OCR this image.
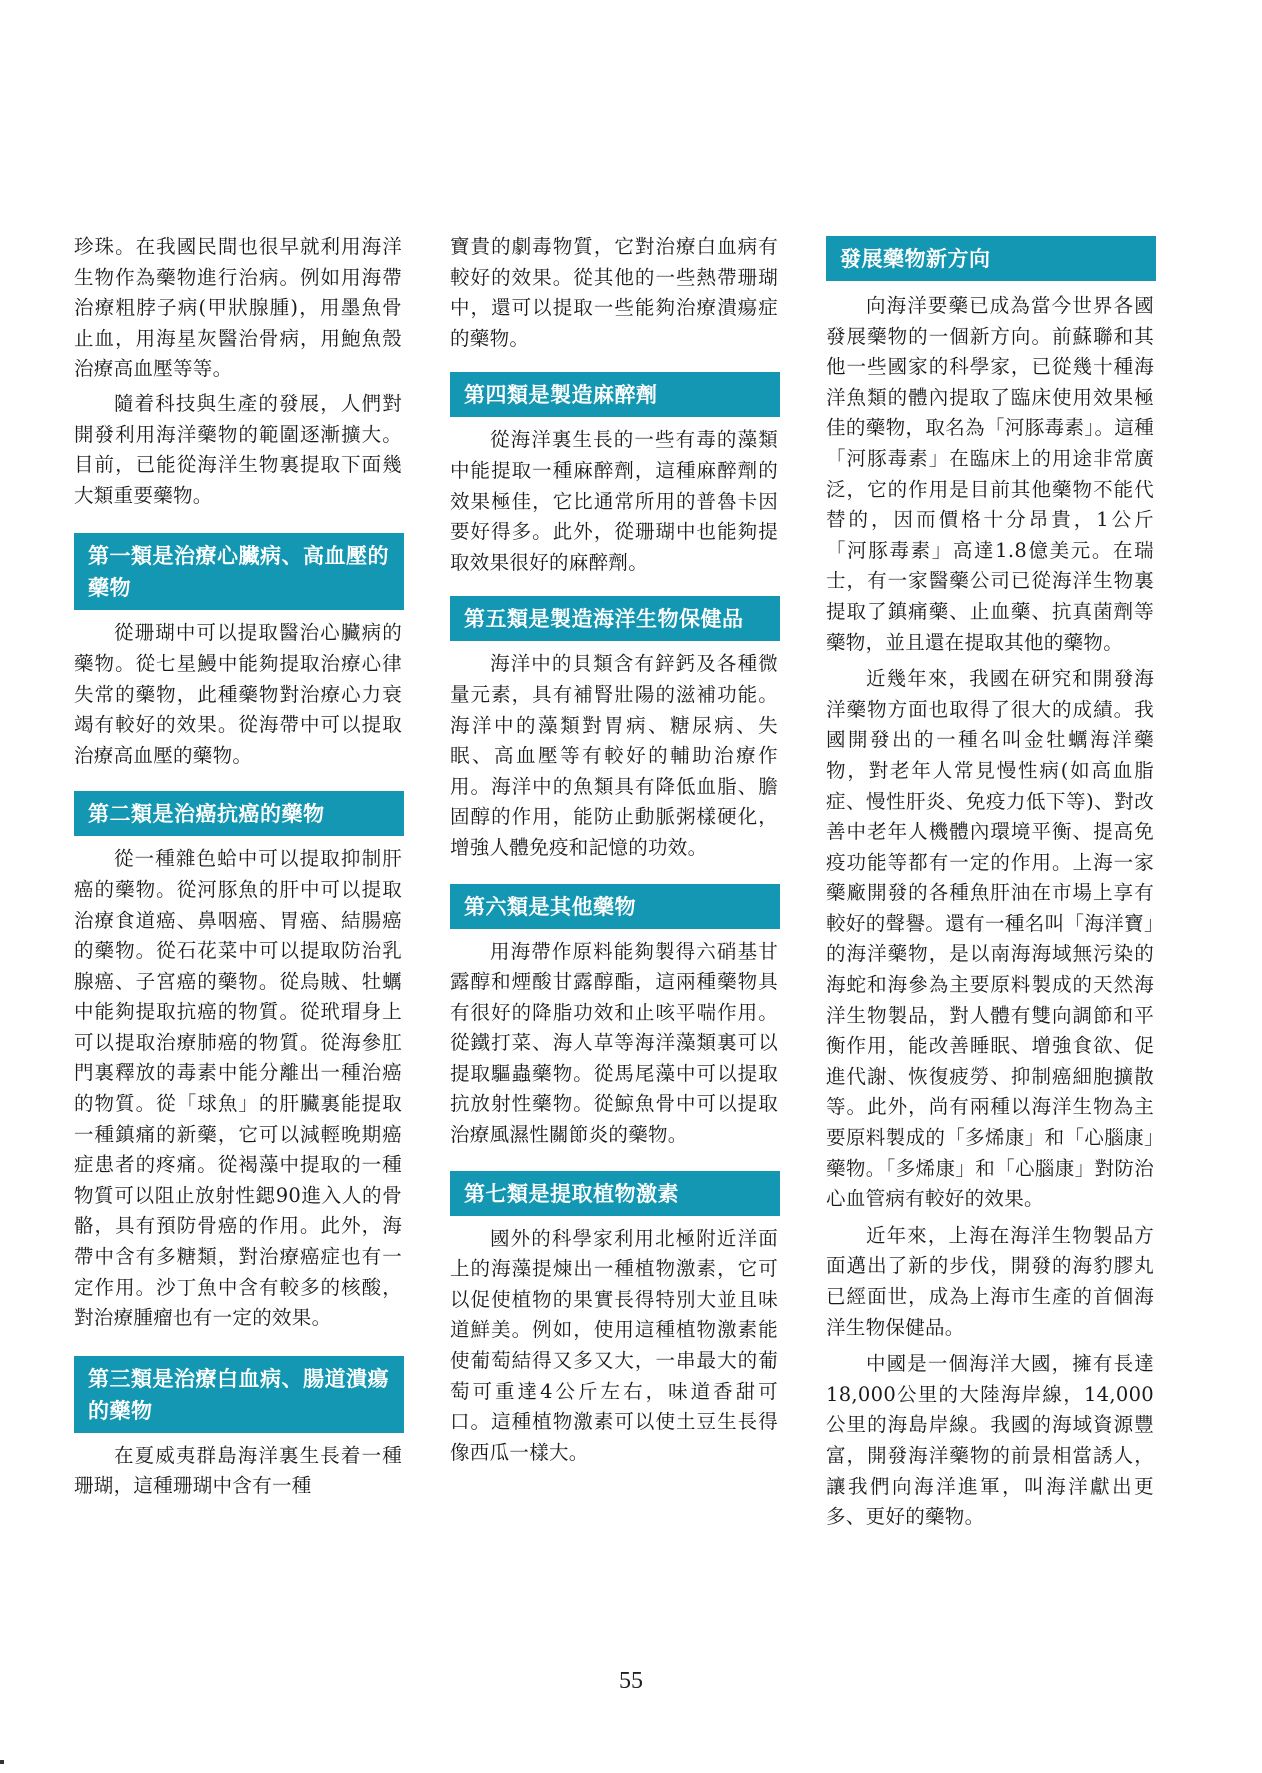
珍珠。在我國民間也很早就利用海洋生物作為藥物進行治病。例如用海帶治療粗脖子病(甲狀腺腫)，用墨魚骨止血，用海星灰醫治骨病，用鮑魚殼治療高血壓等等。

隨着科技與生產的發展，人們對開發利用海洋藥物的範圍逐漸擴大。目前，已能從海洋生物裏提取下面幾大類重要藥物。

第一類是治療心臟病、高血壓的藥物

從珊瑚中可以提取醫治心臟病的藥物。從七星鰻中能夠提取治療心律失常的藥物，此種藥物對治療心力衰竭有較好的效果。從海帶中可以提取治療高血壓的藥物。

第二類是治癌抗癌的藥物

從一種雜色蛤中可以提取抑制肝癌的藥物。從河豚魚的肝中可以提取治療食道癌、鼻咽癌、胃癌、結腸癌的藥物。從石花菜中可以提取防治乳腺癌、子宮癌的藥物。從烏賊、牡蠣中能夠提取抗癌的物質。從玳瑁身上可以提取治療肺癌的物質。從海參肛門裏釋放的毒素中能分離出一種治癌的物質。從「球魚」的肝臟裏能提取一種鎮痛的新藥，它可以減輕晚期癌症患者的疼痛。從褐藻中提取的一種物質可以阻止放射性鍶90進入人的骨骼，具有預防骨癌的作用。此外，海帶中含有多糖類，對治療癌症也有一定作用。沙丁魚中含有較多的核酸，對治療腫瘤也有一定的效果。

第三類是治療白血病、腸道潰瘍的藥物

在夏威夷群島海洋裏生長着一種珊瑚，這種珊瑚中含有一種

寶貴的劇毒物質，它對治療白血病有較好的效果。從其他的一些熱帶珊瑚中，還可以提取一些能夠治療潰瘍症的藥物。

第四類是製造麻醉劑

從海洋裏生長的一些有毒的藻類中能提取一種麻醉劑，這種麻醉劑的效果極佳，它比通常所用的普魯卡因要好得多。此外，從珊瑚中也能夠提取效果很好的麻醉劑。

第五類是製造海洋生物保健品

海洋中的貝類含有鋅鈣及各種微量元素，具有補腎壯陽的滋補功能。海洋中的藻類對胃病、糖尿病、失眠、高血壓等有較好的輔助治療作用。海洋中的魚類具有降低血脂、膽固醇的作用，能防止動脈粥樣硬化，增強人體免疫和記憶的功效。

第六類是其他藥物

用海帶作原料能夠製得六硝基甘露醇和煙酸甘露醇酯，這兩種藥物具有很好的降脂功效和止咳平喘作用。從鐵打菜、海人草等海洋藻類裏可以提取驅蟲藥物。從馬尾藻中可以提取抗放射性藥物。從鯨魚骨中可以提取治療風濕性關節炎的藥物。

第七類是提取植物激素

國外的科學家利用北極附近洋面上的海藻提煉出一種植物激素，它可以促使植物的果實長得特別大並且味道鮮美。例如，使用這種植物激素能使葡萄結得又多又大，一串最大的葡萄可重達4公斤左右，味道香甜可口。這種植物激素可以使土豆生長得像西瓜一樣大。

發展藥物新方向

向海洋要藥已成為當今世界各國發展藥物的一個新方向。前蘇聯和其他一些國家的科學家，已從幾十種海洋魚類的體內提取了臨床使用效果極佳的藥物，取名為「河豚毒素」。這種「河豚毒素」在臨床上的用途非常廣泛，它的作用是目前其他藥物不能代替的，因而價格十分昂貴，1公斤「河豚毒素」高達1.8億美元。在瑞士，有一家醫藥公司已從海洋生物裏提取了鎮痛藥、止血藥、抗真菌劑等藥物，並且還在提取其他的藥物。

近幾年來，我國在研究和開發海洋藥物方面也取得了很大的成績。我國開發出的一種名叫金牡蠣海洋藥物，對老年人常見慢性病(如高血脂症、慢性肝炎、免疫力低下等)、對改善中老年人機體內環境平衡、提高免疫功能等都有一定的作用。上海一家藥廠開發的各種魚肝油在市場上享有較好的聲譽。還有一種名叫「海洋寶」的海洋藥物，是以南海海域無污染的海蛇和海參為主要原料製成的天然海洋生物製品，對人體有雙向調節和平衡作用，能改善睡眠、增強食欲、促進代謝、恢復疲勞、抑制癌細胞擴散等。此外，尚有兩種以海洋生物為主要原料製成的「多烯康」和「心腦康」藥物。「多烯康」和「心腦康」對防治心血管病有較好的效果。

近年來，上海在海洋生物製品方面邁出了新的步伐，開發的海豹膠丸已經面世，成為上海市生產的首個海洋生物保健品。

中國是一個海洋大國，擁有長達18,000公里的大陸海岸線，14,000公里的海島岸線。我國的海域資源豐富，開發海洋藥物的前景相當誘人，讓我們向海洋進軍，叫海洋獻出更多、更好的藥物。

55
